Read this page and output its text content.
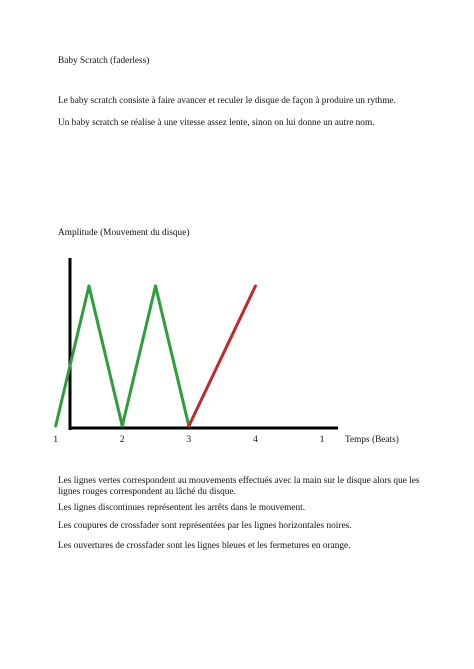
Baby Scratch (faderless)

Le baby scratch consiste à faire avancer et reculer le disque de façon à produire un rythme.

Un baby scratch se réalise à une vitesse assez lente, sinon on lui donne un autre nom.

Amplitude (Mouvement du disque)

1	2	3	4	1 Temps (Beats)

Les lignes vertes correspondent au mouvements effectués avec la main sur le disque alors que les lignes rouges correspondent au lâché du disque.

Les lignes discontinues représentent les arrêts dans le mouvement.

Les coupures de crossfader sont représentées par les lignes horizontales noires.

Les ouvertures de crossfader sont les lignes bleues et les fermetures en orange.
